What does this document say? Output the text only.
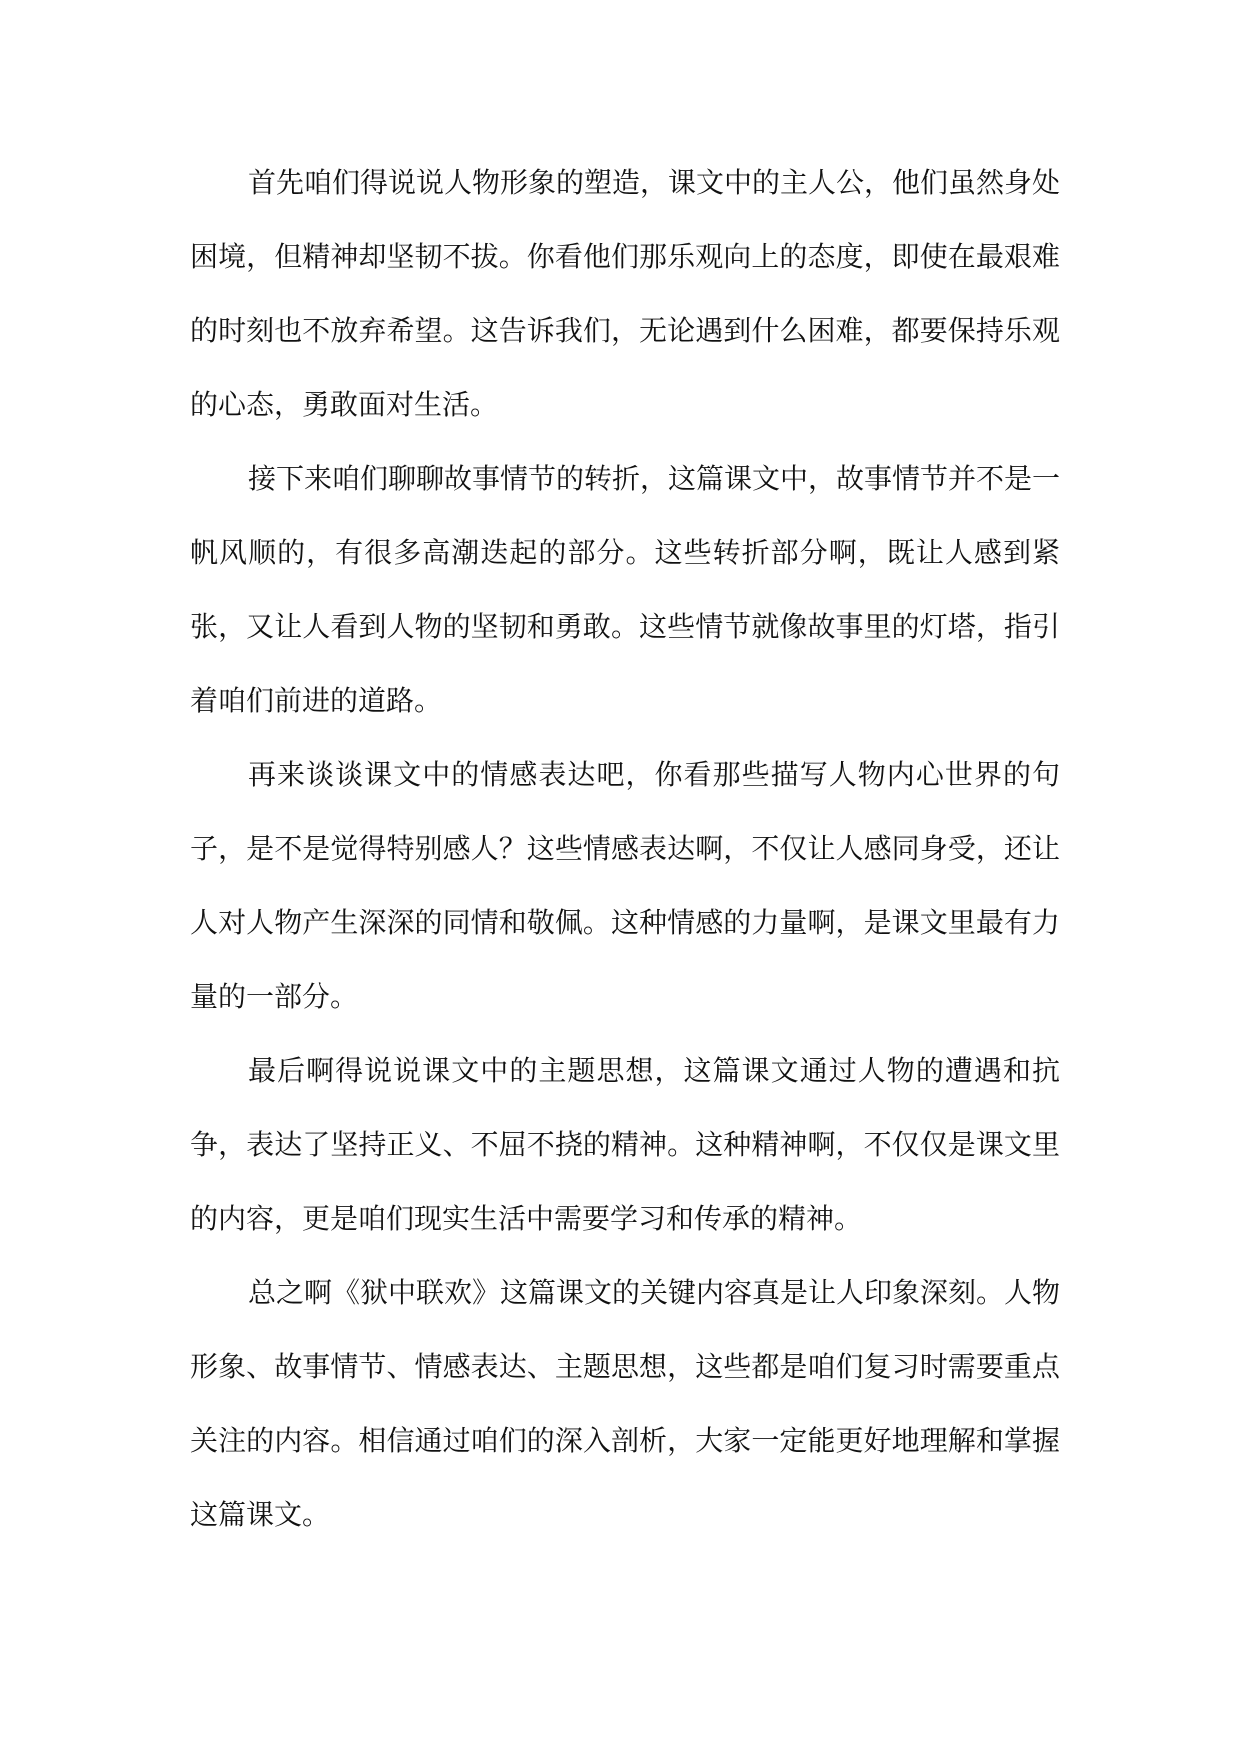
首先咱们得说说人物形象的塑造，课文中的主人公，他们虽然身处困境，但精神却坚韧不拔。你看他们那乐观向上的态度，即使在最艰难的时刻也不放弃希望。这告诉我们，无论遇到什么困难，都要保持乐观的心态，勇敢面对生活。

接下来咱们聊聊故事情节的转折，这篇课文中，故事情节并不是一帆风顺的，有很多高潮迭起的部分。这些转折部分啊，既让人感到紧张，又让人看到人物的坚韧和勇敢。这些情节就像故事里的灯塔，指引着咱们前进的道路。

再来谈谈课文中的情感表达吧，你看那些描写人物内心世界的句子，是不是觉得特别感人？这些情感表达啊，不仅让人感同身受，还让人对人物产生深深的同情和敬佩。这种情感的力量啊，是课文里最有力量的一部分。

最后啊得说说课文中的主题思想，这篇课文通过人物的遭遇和抗争，表达了坚持正义、不屈不挠的精神。这种精神啊，不仅仅是课文里的内容，更是咱们现实生活中需要学习和传承的精神。

总之啊《狱中联欢》这篇课文的关键内容真是让人印象深刻。人物形象、故事情节、情感表达、主题思想，这些都是咱们复习时需要重点关注的内容。相信通过咱们的深入剖析，大家一定能更好地理解和掌握这篇课文。
